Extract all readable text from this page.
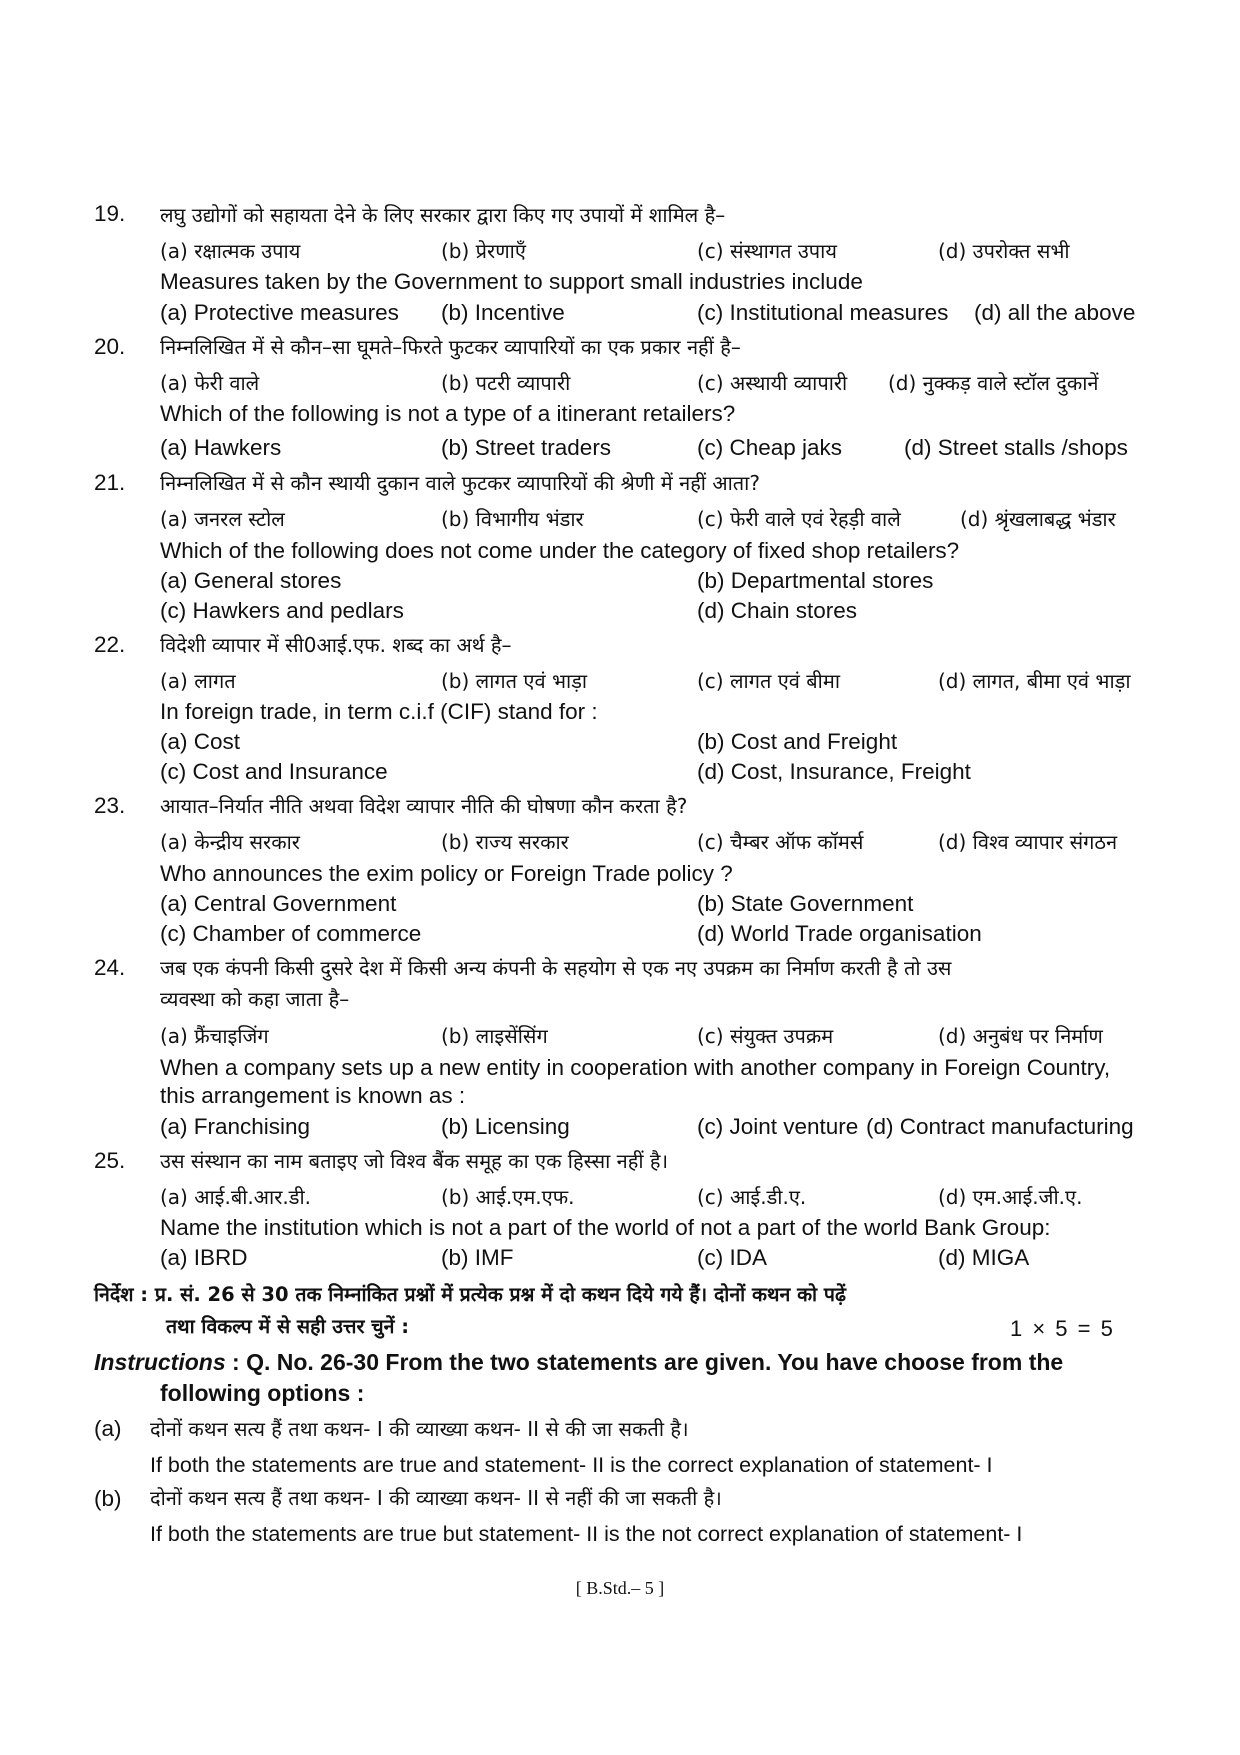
19. लघु उद्योगों को सहायता देने के लिए सरकार द्वारा किए गए उपायों में शामिल है–
(a) रक्षात्मक उपाय	(b) प्रेरणाएँ	(c) संस्थागत उपाय	(d) उपरोक्त सभी
Measures taken by the Government to support small industries include
(a) Protective measures (b) Incentive	(c) Institutional measures (d) all the above
20. निम्नलिखित में से कौन–सा घूमते–फिरते फुटकर व्यापारियों का एक प्रकार नहीं है–
(a) फेरी वाले	(b) पटरी व्यापारी	(c) अस्थायी व्यापारी (d) नुक्कड़ वाले स्टॉल दुकानें
Which of the following is not a type of a itinerant retailers?
(a) Hawkers	(b) Street traders	(c) Cheap jaks	(d) Street stalls /shops
21. निम्नलिखित में से कौन स्थायी दुकान वाले फुटकर व्यापारियों की श्रेणी में नहीं आता?
(a) जनरल स्टोल	(b) विभागीय भंडार	(c) फेरी वाले एवं रेहड़ी वाले	(d) श्रृंखलाबद्ध भंडार
Which of the following does not come under the category of fixed shop retailers?
(a) General stores	(b) Departmental stores
(c) Hawkers and pedlars	(d) Chain stores
22. विदेशी व्यापार में सी0आई.एफ. शब्द का अर्थ है–
(a) लागत	(b) लागत एवं भाड़ा	(c) लागत एवं बीमा	(d) लागत, बीमा एवं भाड़ा
In foreign trade, in term c.i.f (CIF) stand for :
(a) Cost	(b) Cost and Freight
(c) Cost and Insurance	(d) Cost, Insurance, Freight
23. आयात–निर्यात नीति अथवा विदेश व्यापार नीति की घोषणा कौन करता है?
(a) केन्द्रीय सरकार	(b) राज्य सरकार	(c) चैम्बर ऑफ कॉमर्स	(d) विश्व व्यापार संगठन
Who announces the exim policy or Foreign Trade policy ?
(a) Central Government	(b) State Government
(c) Chamber of commerce	(d) World Trade organisation
24. जब एक कंपनी किसी दुसरे देश में किसी अन्य कंपनी के सहयोग से एक नए उपक्रम का निर्माण करती है तो उस
व्यवस्था को कहा जाता है–
(a) फ्रैंचाइजिंग	(b) लाइसेंसिंग	(c) संयुक्त उपक्रम	(d) अनुबंध पर निर्माण
When a company sets up a new entity in cooperation with another company in Foreign Country,
this arrangement is known as :
(a) Franchising	(b) Licensing	(c) Joint venture (d) Contract manufacturing
25. उस संस्थान का नाम बताइए जो विश्व बैंक समूह का एक हिस्सा नहीं है।
(a) आई.बी.आर.डी.	(b) आई.एम.एफ.	(c) आई.डी.ए.	(d) एम.आई.जी.ए.
Name the institution which is not a part of the world of not a part of the world Bank Group:
(a) IBRD	(b) IMF	(c) IDA	(d) MIGA
निर्देश : प्र. सं. 26 से 30 तक निम्नांकित प्रश्नों में प्रत्येक प्रश्न में दो कथन दिये गये हैं। दोनों कथन को पढ़ें
तथा विकल्प में से सही उत्तर चुनें :	1 × 5 = 5
Instructions : Q. No. 26-30 From the two statements are given. You have choose from the
following options :
(a) दोनों कथन सत्य हैं तथा कथन- I की व्याख्या कथन- II से की जा सकती है।
If both the statements are true and statement- II is the correct explanation of statement- I
(b) दोनों कथन सत्य हैं तथा कथन- I की व्याख्या कथन- II से नहीं की जा सकती है।
If both the statements are true but statement- II is the not correct explanation of statement- I
[ B.Std.– 5 ]
